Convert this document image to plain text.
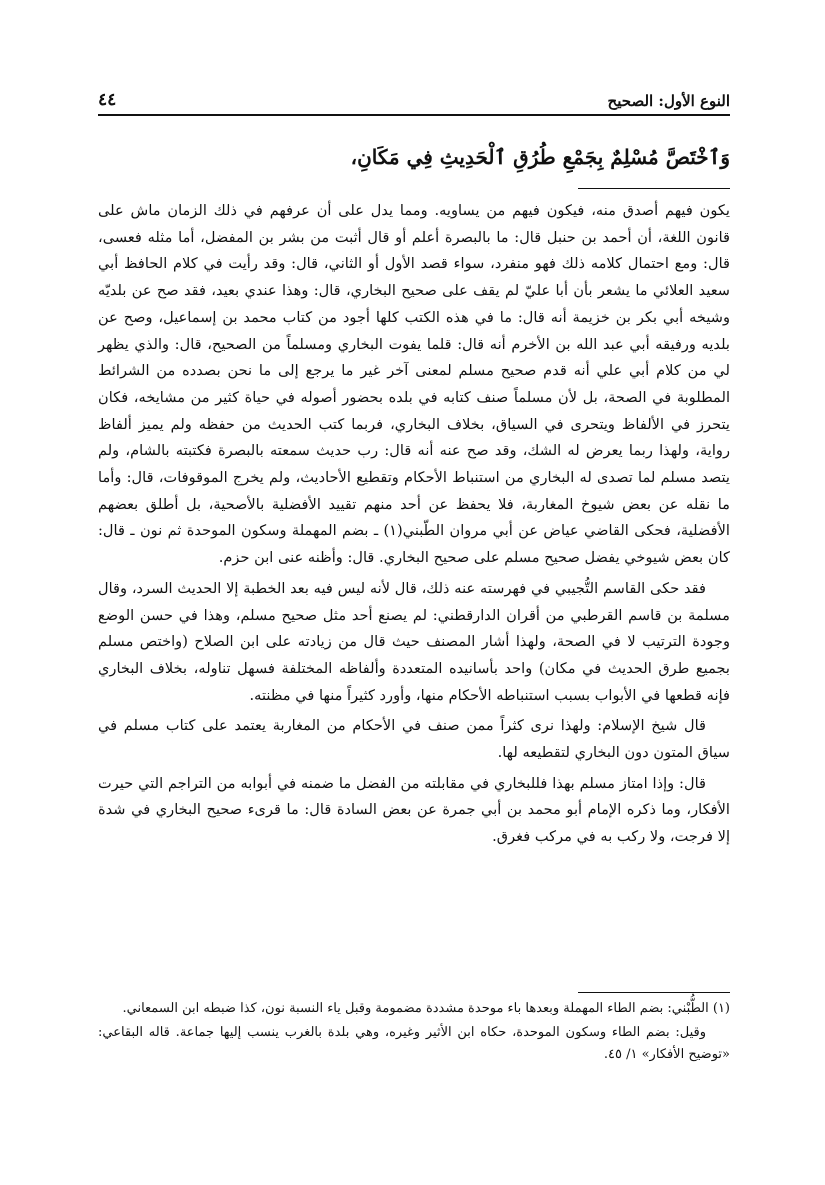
النوع الأول: الصحيح
٤٤
وَٱخْتَصَّ مُسْلِمٌ بِجَمْعِ طُرُقِ ٱلْحَدِيثِ فِي مَكَانِ،

يكون فيهم أصدق منه، فيكون فيهم من يساويه. ومما يدل على أن عرفهم في ذلك الزمان ماش على قانون اللغة، أن أحمد بن حنبل قال: ما بالبصرة أعلم أو قال أثبت من بشر بن المفضل، أما مثله فعسى، قال: ومع احتمال كلامه ذلك فهو منفرد، سواء قصد الأول أو الثاني، قال: وقد رأيت في كلام الحافظ أبي سعيد العلائي ما يشعر بأن أبا عليّ لم يقف على صحيح البخاري، قال: وهذا عندي بعيد، فقد صح عن بلديّه وشيخه أبي بكر بن خزيمة أنه قال: ما في هذه الكتب كلها أجود من كتاب محمد بن إسماعيل، وصح عن بلديه ورفيقه أبي عبد الله بن الأخرم أنه قال: قلما يفوت البخاري ومسلماً من الصحيح، قال: والذي يظهر لي من كلام أبي علي أنه قدم صحيح مسلم لمعنى آخر غير ما يرجع إلى ما نحن بصدده من الشرائط المطلوبة في الصحة، بل لأن مسلماً صنف كتابه في بلده بحضور أصوله في حياة كثير من مشايخه، فكان يتحرز في الألفاظ ويتحرى في السياق، بخلاف البخاري، فربما كتب الحديث من حفظه ولم يميز ألفاظ رواية، ولهذا ربما يعرض له الشك، وقد صح عنه أنه قال: رب حديث سمعته بالبصرة فكتبته بالشام، ولم يتصد مسلم لما تصدى له البخاري من استنباط الأحكام وتقطيع الأحاديث، ولم يخرج الموقوفات، قال: وأما ما نقله عن بعض شيوخ المغاربة، فلا يحفظ عن أحد منهم تقييد الأفضلية بالأصحية، بل أطلق بعضهم الأفضلية، فحكى القاضي عياض عن أبي مروان الطّبني(١) ـ بضم المهملة وسكون الموحدة ثم نون ـ قال: كان بعض شيوخي يفضل صحيح مسلم على صحيح البخاري. قال: وأظنه عنى ابن حزم.

فقد حكى القاسم التُّجيبي في فهرسته عنه ذلك، قال لأنه ليس فيه بعد الخطبة إلا الحديث السرد، وقال مسلمة بن قاسم القرطبي من أقران الدارقطني: لم يصنع أحد مثل صحيح مسلم، وهذا في حسن الوضع وجودة الترتيب لا في الصحة، ولهذا أشار المصنف حيث قال من زيادته على ابن الصلاح (واختص مسلم بجميع طرق الحديث في مكان) واحد بأسانيده المتعددة وألفاظه المختلفة فسهل تناوله، بخلاف البخاري فإنه قطعها في الأبواب بسبب استنباطه الأحكام منها، وأورد كثيراً منها في مظنته.

قال شيخ الإسلام: ولهذا نرى كثراً ممن صنف في الأحكام من المغاربة يعتمد على كتاب مسلم في سياق المتون دون البخاري لتقطيعه لها.

قال: وإذا امتاز مسلم بهذا فللبخاري في مقابلته من الفضل ما ضمنه في أبوابه من التراجم التي حيرت الأفكار، وما ذكره الإمام أبو محمد بن أبي جمرة عن بعض السادة قال: ما قرىء صحيح البخاري في شدة إلا فرجت، ولا ركب به في مركب فغرق.

(١) الطُّبْني: بضم الطاء المهملة وبعدها باء موحدة مشددة مضمومة وقبل ياء النسبة نون، كذا ضبطه ابن السمعاني.

وقيل: بضم الطاء وسكون الموحدة، حكاه ابن الأثير وغيره، وهي بلدة بالغرب ينسب إليها جماعة. قاله البقاعي: «توضيح الأفكار» ١/ ٤٥.
